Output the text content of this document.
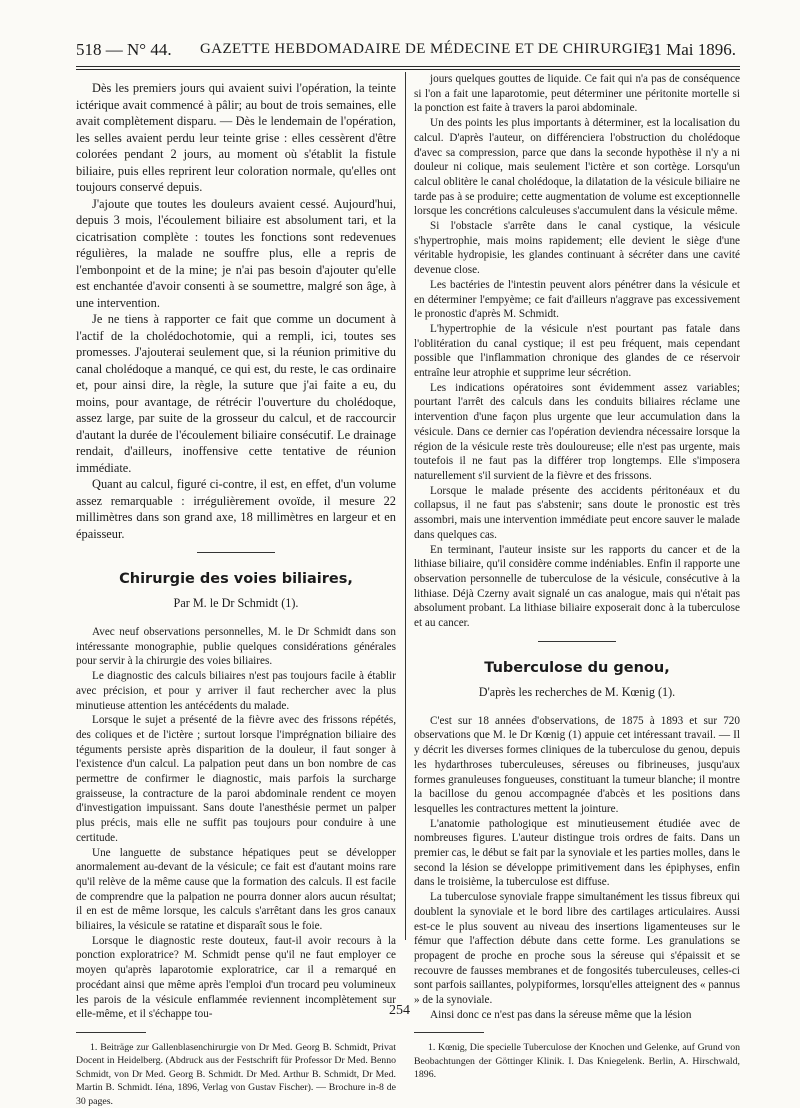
518 — N° 44. GAZETTE HEBDOMADAIRE DE MÉDECINE ET DE CHIRURGIE.
31 Mai 1896.

Dès les premiers jours qui avaient suivi l'opération, la teinte ictérique avait commencé à pâlir; au bout de trois semaines, elle avait complètement disparu. — Dès le lendemain de l'opération, les selles avaient perdu leur teinte grise : elles cessèrent d'être colorées pendant 2 jours, au moment où s'établit la fistule biliaire, puis elles reprirent leur coloration normale, qu'elles ont toujours conservé depuis.

J'ajoute que toutes les douleurs avaient cessé. Aujourd'hui, depuis 3 mois, l'écoulement biliaire est absolument tari, et la cicatrisation complète : toutes les fonctions sont redevenues régulières, la malade ne souffre plus, elle a repris de l'embonpoint et de la mine; je n'ai pas besoin d'ajouter qu'elle est enchantée d'avoir consenti à se soumettre, malgré son âge, à une intervention.

Je ne tiens à rapporter ce fait que comme un document à l'actif de la cholédochotomie, qui a rempli, ici, toutes ses promesses. J'ajouterai seulement que, si la réunion primitive du canal cholédoque a manqué, ce qui est, du reste, le cas ordinaire et, pour ainsi dire, la règle, la suture que j'ai faite a eu, du moins, pour avantage, de rétrécir l'ouverture du cholédoque, assez large, par suite de la grosseur du calcul, et de raccourcir d'autant la durée de l'écoulement biliaire consécutif. Le drainage rendait, d'ailleurs, inoffensive cette tentative de réunion immédiate.

Quant au calcul, figuré ci-contre, il est, en effet, d'un volume assez remarquable : irrégulièrement ovoïde, il mesure 22 millimètres dans son grand axe, 18 millimètres en largeur et en épaisseur.

Chirurgie des voies biliaires,

Par M. le Dr Schmidt (1).

Avec neuf observations personnelles, M. le Dr Schmidt dans son intéressante monographie, publie quelques considérations générales pour servir à la chirurgie des voies biliaires.

Le diagnostic des calculs biliaires n'est pas toujours facile à établir avec précision, et pour y arriver il faut rechercher avec la plus minutieuse attention les antécédents du malade.

Lorsque le sujet a présenté de la fièvre avec des frissons répétés, des coliques et de l'ictère ; surtout lorsque l'imprégnation biliaire des téguments persiste après disparition de la douleur, il faut songer à l'existence d'un calcul. La palpation peut dans un bon nombre de cas permettre de confirmer le diagnostic, mais parfois la surcharge graisseuse, la contracture de la paroi abdominale rendent ce moyen d'investigation impuissant. Sans doute l'anesthésie permet un palper plus précis, mais elle ne suffit pas toujours pour conduire à une certitude.

Une languette de substance hépatiques peut se développer anormalement au-devant de la vésicule; ce fait est d'autant moins rare qu'il relève de la même cause que la formation des calculs. Il est facile de comprendre que la palpation ne pourra donner alors aucun résultat; il en est de même lorsque, les calculs s'arrêtant dans les gros canaux biliaires, la vésicule se ratatine et disparaît sous le foie.

Lorsque le diagnostic reste douteux, faut-il avoir recours à la ponction exploratrice? M. Schmidt pense qu'il ne faut employer ce moyen qu'après laparotomie exploratrice, car il a remarqué en procédant ainsi que même après l'emploi d'un trocard peu volumineux les parois de la vésicule enflammée reviennent incomplètement sur elle-même, et il s'échappe tou-

1. Beiträge zur Gallenblasenchirurgie von Dr Med. Georg B. Schmidt, Privat Docent in Heidelberg. (Abdruck aus der Festschrift für Professor Dr Med. Benno Schmidt, von Dr Med. Georg B. Schmidt. Dr Med. Arthur B. Schmidt, Dr Med. Martin B. Schmidt. Iéna, 1896, Verlag von Gustav Fischer). — Brochure in-8 de 30 pages.

jours quelques gouttes de liquide. Ce fait qui n'a pas de conséquence si l'on a fait une laparotomie, peut déterminer une péritonite mortelle si la ponction est faite à travers la paroi abdominale.

Un des points les plus importants à déterminer, est la localisation du calcul. D'après l'auteur, on différenciera l'obstruction du cholédoque d'avec sa compression, parce que dans la seconde hypothèse il n'y a ni douleur ni colique, mais seulement l'ictère et son cortège. Lorsqu'un calcul oblitère le canal cholédoque, la dilatation de la vésicule biliaire ne tarde pas à se produire; cette augmentation de volume est exceptionnelle lorsque les concrétions calculeuses s'accumulent dans la vésicule même.

Si l'obstacle s'arrête dans le canal cystique, la vésicule s'hypertrophie, mais moins rapidement; elle devient le siège d'une véritable hydropisie, les glandes continuant à sécréter dans une cavité devenue close.

Les bactéries de l'intestin peuvent alors pénétrer dans la vésicule et en déterminer l'empyème; ce fait d'ailleurs n'aggrave pas excessivement le pronostic d'après M. Schmidt.

L'hypertrophie de la vésicule n'est pourtant pas fatale dans l'oblitération du canal cystique; il est peu fréquent, mais cependant possible que l'inflammation chronique des glandes de ce réservoir entraîne leur atrophie et supprime leur sécrétion.

Les indications opératoires sont évidemment assez variables; pourtant l'arrêt des calculs dans les conduits biliaires réclame une intervention d'une façon plus urgente que leur accumulation dans la vésicule. Dans ce dernier cas l'opération deviendra nécessaire lorsque la région de la vésicule reste très douloureuse; elle n'est pas urgente, mais toutefois il ne faut pas la différer trop longtemps. Elle s'imposera naturellement s'il survient de la fièvre et des frissons.

Lorsque le malade présente des accidents péritonéaux et du collapsus, il ne faut pas s'abstenir; sans doute le pronostic est très assombri, mais une intervention immédiate peut encore sauver le malade dans quelques cas.

En terminant, l'auteur insiste sur les rapports du cancer et de la lithiase biliaire, qu'il considère comme indéniables. Enfin il rapporte une observation personnelle de tuberculose de la vésicule, consécutive à la lithiase. Déjà Czerny avait signalé un cas analogue, mais qui n'était pas absolument probant. La lithiase biliaire exposerait donc à la tuberculose et au cancer.

Tuberculose du genou,

D'après les recherches de M. Kœnig (1).

C'est sur 18 années d'observations, de 1875 à 1893 et sur 720 observations que M. le Dr Kœnig (1) appuie cet intéressant travail. — Il y décrit les diverses formes cliniques de la tuberculose du genou, depuis les hydarthroses tuberculeuses, séreuses ou fibrineuses, jusqu'aux formes granuleuses fongueuses, constituant la tumeur blanche; il montre la bacillose du genou accompagnée d'abcès et les positions dans lesquelles les contractures mettent la jointure.

L'anatomie pathologique est minutieusement étudiée avec de nombreuses figures. L'auteur distingue trois ordres de faits. Dans un premier cas, le début se fait par la synoviale et les parties molles, dans le second la lésion se développe primitivement dans les épiphyses, enfin dans le troisième, la tuberculose est diffuse.

La tuberculose synoviale frappe simultanément les tissus fibreux qui doublent la synoviale et le bord libre des cartilages articulaires. Aussi est-ce le plus souvent au niveau des insertions ligamenteuses sur le fémur que l'affection débute dans cette forme. Les granulations se propagent de proche en proche sous la séreuse qui s'épaissit et se recouvre de fausses membranes et de fongosités tuberculeuses, celles-ci sont parfois saillantes, polypiformes, lorsqu'elles atteignent des « pannus » de la synoviale.

Ainsi donc ce n'est pas dans la séreuse même que la lésion

1. Kœnig, Die specielle Tuberculose der Knochen und Gelenke, auf Grund von Beobachtungen der Göttinger Klinik. I. Das Kniegelenk. Berlin, A. Hirschwald, 1896.

254
